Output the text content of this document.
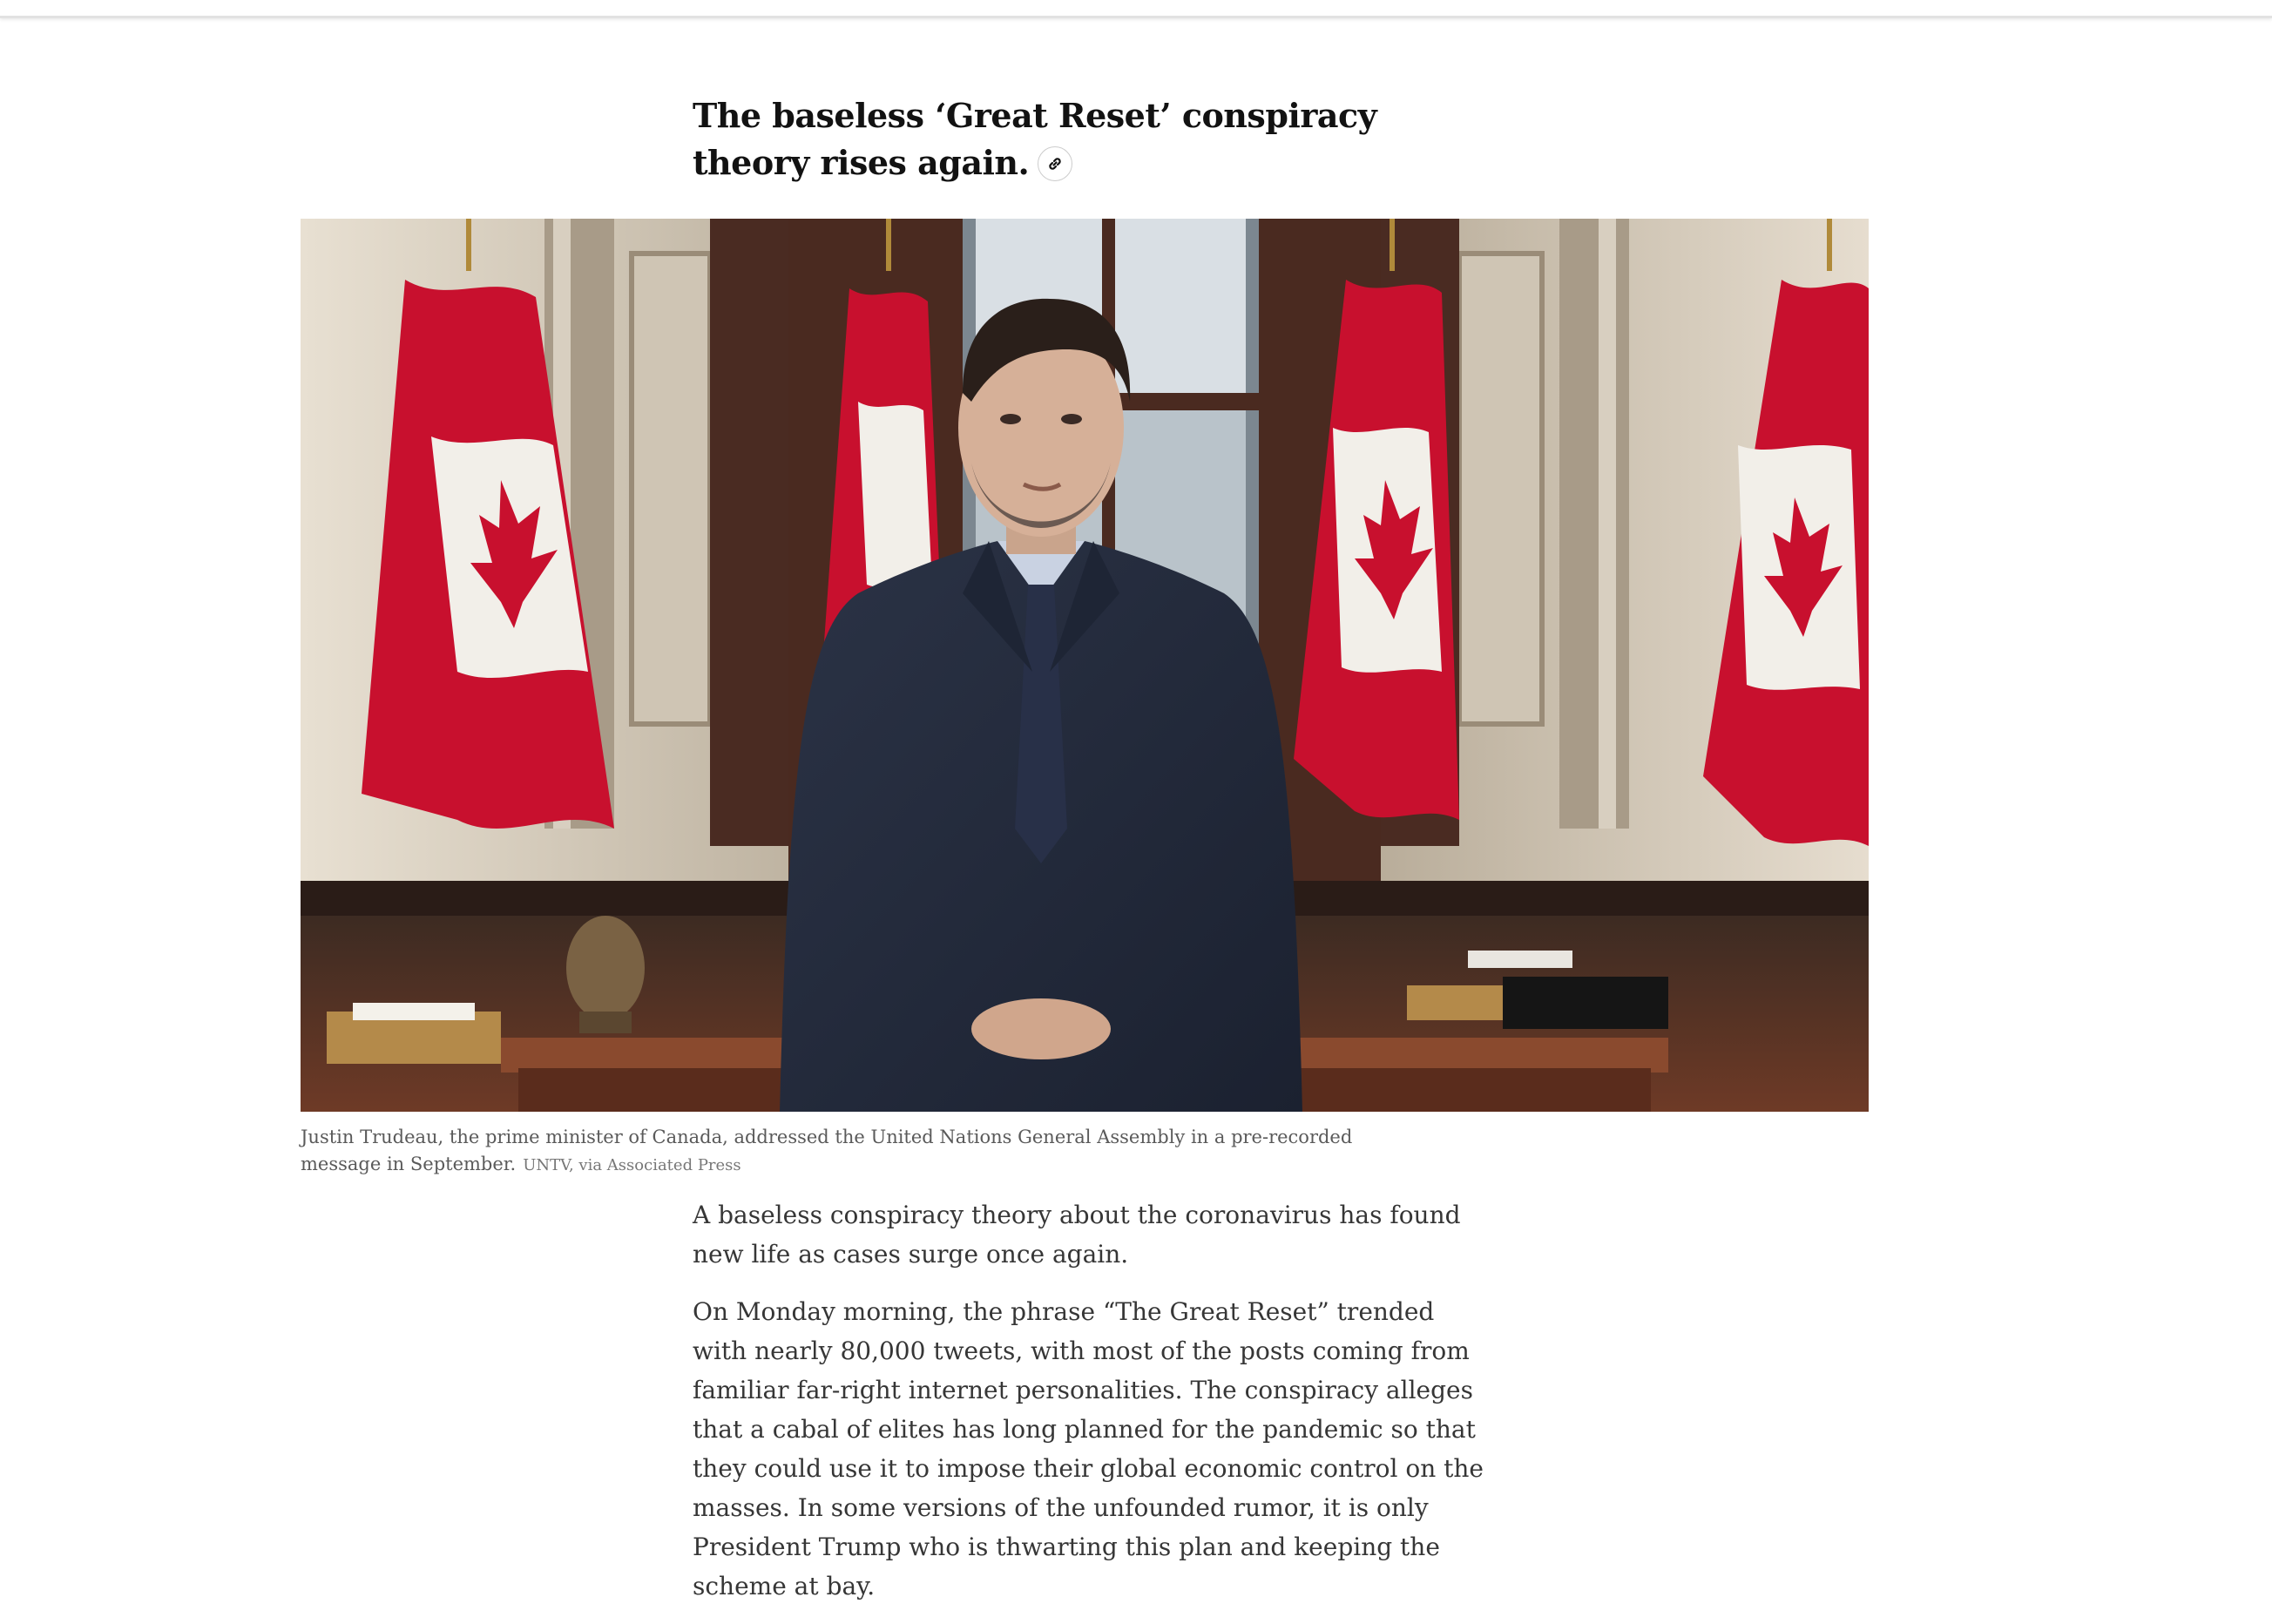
The baseless ‘Great Reset’ conspiracy theory rises again.
Justin Trudeau, the prime minister of Canada, addressed the United Nations General Assembly in a pre-recorded message in September. UNTV, via Associated Press

A baseless conspiracy theory about the coronavirus has found new life as cases surge once again.

On Monday morning, the phrase “The Great Reset” trended with nearly 80,000 tweets, with most of the posts coming from familiar far-right internet personalities. The conspiracy alleges that a cabal of elites has long planned for the pandemic so that they could use it to impose their global economic control on the masses. In some versions of the unfounded rumor, it is only President Trump who is thwarting this plan and keeping the scheme at bay.
